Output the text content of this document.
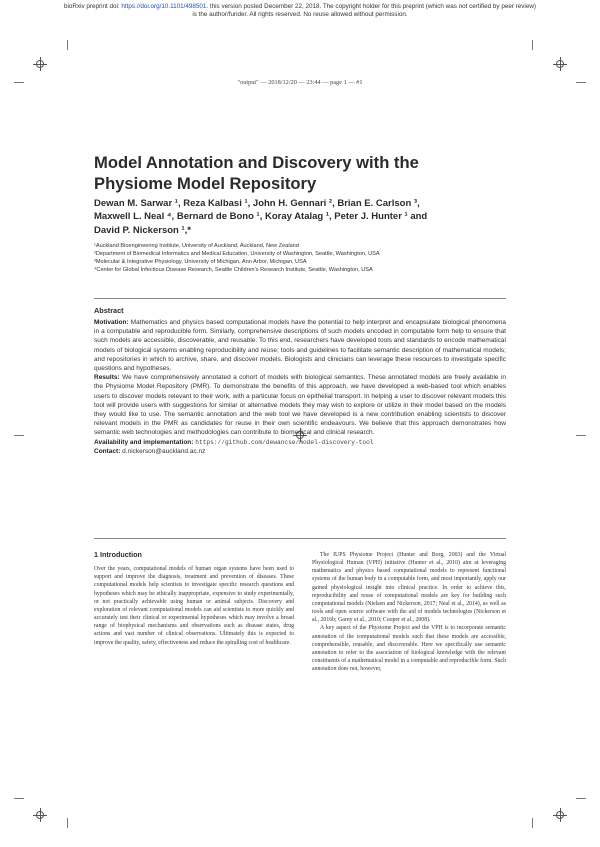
bioRxiv preprint doi: https://doi.org/10.1101/498501. this version posted December 22, 2018. The copyright holder for this preprint (which was not certified by peer review)
is the author/funder. All rights reserved. No reuse allowed without permission.
"output" — 2018/12/20 — 23:44 — page 1 — #1
Model Annotation and Discovery with the
Physiome Model Repository
Dewan M. Sarwar ¹, Reza Kalbasi ¹, John H. Gennari ², Brian E. Carlson ³,
Maxwell L. Neal ⁴, Bernard de Bono ¹, Koray Atalag ¹, Peter J. Hunter ¹ and
David P. Nickerson ¹,*
¹Auckland Bioengineering Institute, University of Auckland, Auckland, New Zealand
²Department of Biomedical Informatics and Medical Education, University of Washington, Seattle, Washington, USA
³Molecular & Integrative Physiology, University of Michigan, Ann Arbor, Michigan, USA
⁴Center for Global Infectious Disease Research, Seattle Children's Research Institute, Seattle, Washington, USA
Abstract
Motivation: Mathematics and physics based computational models have the potential to help interpret and encapsulate biological phenomena in a computable and reproducible form. Similarly, comprehensive descriptions of such models encoded in computable form help to ensure that such models are accessible, discoverable, and reusable. To this end, researchers have developed tools and standards to encode mathematical models of biological systems enabling reproducibility and reuse; tools and guidelines to facilitate semantic description of mathematical models; and repositories in which to archive, share, and discover models. Biologists and clinicians can leverage these resources to investigate specific questions and hypotheses.
Results: We have comprehensively annotated a cohort of models with biological semantics. These annotated models are freely available in the Physiome Model Repository (PMR). To demonstrate the benefits of this approach, we have developed a web-based tool which enables users to discover models relevant to their work, with a particular focus on epithelial transport. In helping a user to discover relevant models this tool will provide users with suggestions for similar or alternative models they may wish to explore or utilize in their model based on the models they would like to use. The semantic annotation and the web tool we have developed is a new contribution enabling scientists to discover relevant models in the PMR as candidates for reuse in their own scientific endeavours. We believe that this approach demonstrates how semantic web technologies and methodologies can contribute to biomedical and clinical research.
Availability and implementation: https://github.com/dewancse/model-discovery-tool
Contact: d.nickerson@auckland.ac.nz
1 Introduction

Over the years, computational models of human organ systems have been used to support and improve the diagnosis, treatment and prevention of diseases. These computational models help scientists to investigate specific research questions and hypotheses which may be ethically inappropriate, expensive to study experimentally, or not practically achievable using human or animal subjects. Discovery and exploration of relevant computational models can aid scientists to more quickly and accurately test their clinical or experimental hypotheses which may involve a broad range of biophysical mechanisms and observations such as disease states, drug actions and vast number of clinical observations. Ultimately this is expected to improve the quality, safety, effectiveness and reduce the spiralling cost of healthcare.

The IUPS Physiome Project (Hunter and Borg, 2003) and the Virtual Physiological Human (VPH) initiative (Hunter et al., 2010) aim at leveraging mathematics and physics based computational models to represent functional systems of the human body in a computable form, and most importantly, apply our gained physiological insight into clinical practice. In order to achieve this, reproducibility and reuse of computational models are key for building such computational models (Nielsen and Nickerson, 2017; Neal et al., 2014), as well as tools and open source software with the aid of models technologies (Nickerson et al., 2016b; Garny et al., 2010; Cooper et al., 2008).

A key aspect of the Physiome Project and the VPH is to incorporate semantic annotation of the computational models such that these models are accessible, comprehensible, reusable, and discoverable. Here we specifically use semantic annotation to refer to the association of biological knowledge with the relevant constituents of a mathematical model in a computable and reproducible form. Such annotation does not, however,
